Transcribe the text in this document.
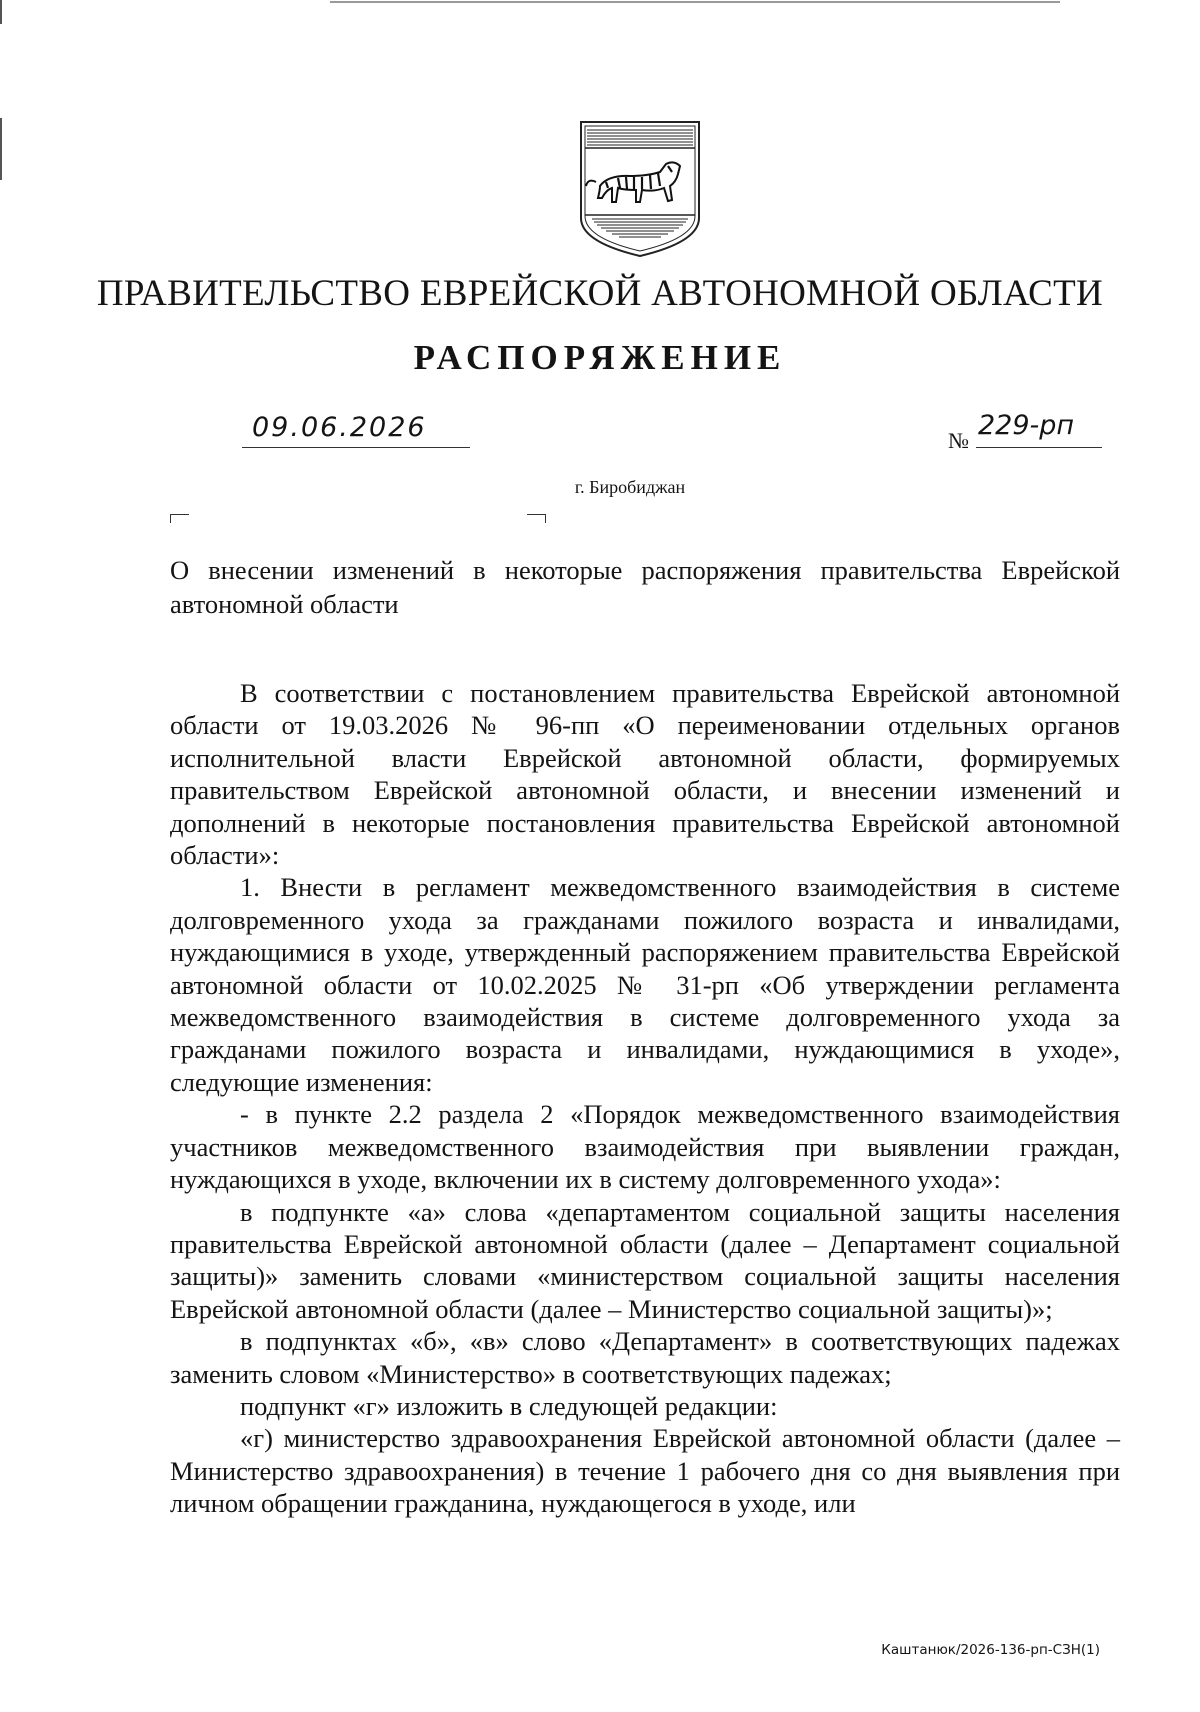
ПРАВИТЕЛЬСТВО ЕВРЕЙСКОЙ АВТОНОМНОЙ ОБЛАСТИ
РАСПОРЯЖЕНИЕ
09.06.2026	№ 229-рп
г. Биробиджан
О внесении изменений в некоторые распоряжения правительства Еврейской автономной области

В соответствии с постановлением правительства Еврейской автономной области от 19.03.2026 № 96-пп «О переименовании отдельных органов исполнительной власти Еврейской автономной области, формируемых правительством Еврейской автономной области, и внесении изменений и дополнений в некоторые постановления правительства Еврейской автономной области»:

1. Внести в регламент межведомственного взаимодействия в системе долговременного ухода за гражданами пожилого возраста и инвалидами, нуждающимися в уходе, утвержденный распоряжением правительства Еврейской автономной области от 10.02.2025 № 31-рп «Об утверждении регламента межведомственного взаимодействия в системе долговременного ухода за гражданами пожилого возраста и инвалидами, нуждающимися в уходе», следующие изменения:

- в пункте 2.2 раздела 2 «Порядок межведомственного взаимодействия участников межведомственного взаимодействия при выявлении граждан, нуждающихся в уходе, включении их в систему долговременного ухода»:

в подпункте «а» слова «департаментом социальной защиты населения правительства Еврейской автономной области (далее – Департамент социальной защиты)» заменить словами «министерством социальной защиты населения Еврейской автономной области (далее – Министерство социальной защиты)»;

в подпунктах «б», «в» слово «Департамент» в соответствующих падежах заменить словом «Министерство» в соответствующих падежах;

подпункт «г» изложить в следующей редакции:

«г) министерство здравоохранения Еврейской автономной области (далее – Министерство здравоохранения) в течение 1 рабочего дня со дня выявления при личном обращении гражданина, нуждающегося в уходе, или

Каштанюк/2026-136-рп-СЗН(1)
